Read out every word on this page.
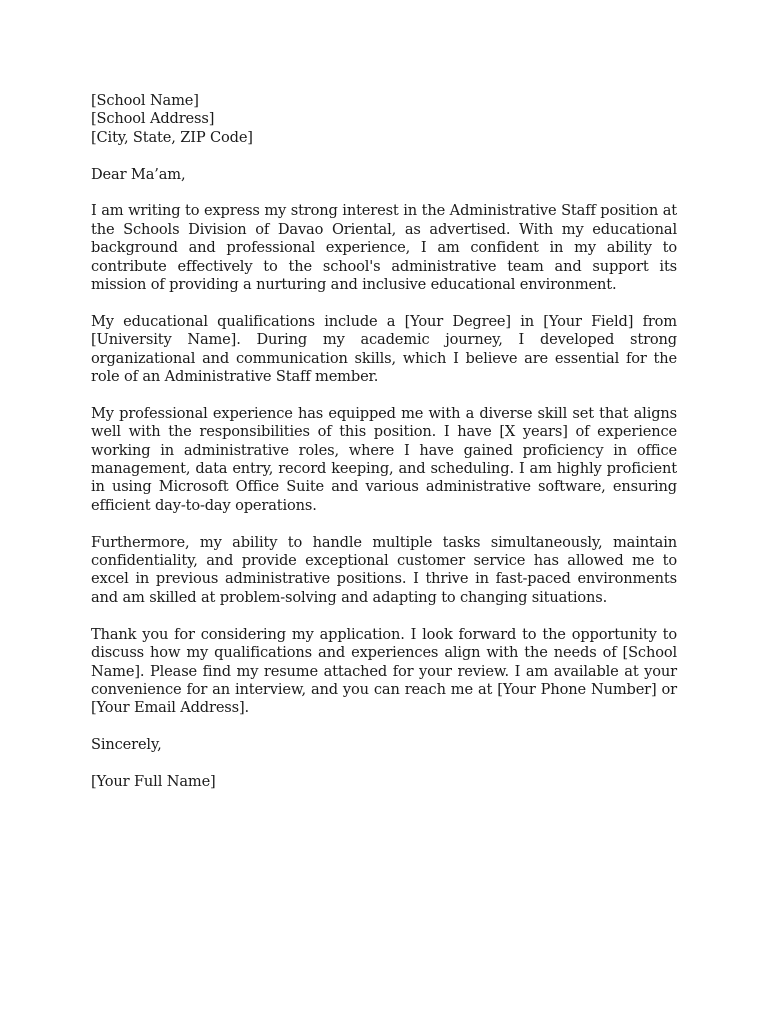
[School Name]
[School Address]
[City, State, ZIP Code]
Dear Ma’am,

I am writing to express my strong interest in the Administrative Staff position at the Schools Division of Davao Oriental, as advertised. With my educational background and professional experience, I am confident in my ability to contribute effectively to the school's administrative team and support its mission of providing a nurturing and inclusive educational environment.

My educational qualifications include a [Your Degree] in [Your Field] from [University Name]. During my academic journey, I developed strong organizational and communication skills, which I believe are essential for the role of an Administrative Staff member.

My professional experience has equipped me with a diverse skill set that aligns well with the responsibilities of this position. I have [X years] of experience working in administrative roles, where I have gained proficiency in office management, data entry, record keeping, and scheduling. I am highly proficient in using Microsoft Office Suite and various administrative software, ensuring efficient day-to-day operations.

Furthermore, my ability to handle multiple tasks simultaneously, maintain confidentiality, and provide exceptional customer service has allowed me to excel in previous administrative positions. I thrive in fast-paced environments and am skilled at problem-solving and adapting to changing situations.

Thank you for considering my application. I look forward to the opportunity to discuss how my qualifications and experiences align with the needs of [School Name]. Please find my resume attached for your review. I am available at your convenience for an interview, and you can reach me at [Your Phone Number] or [Your Email Address].

Sincerely,
[Your Full Name]
